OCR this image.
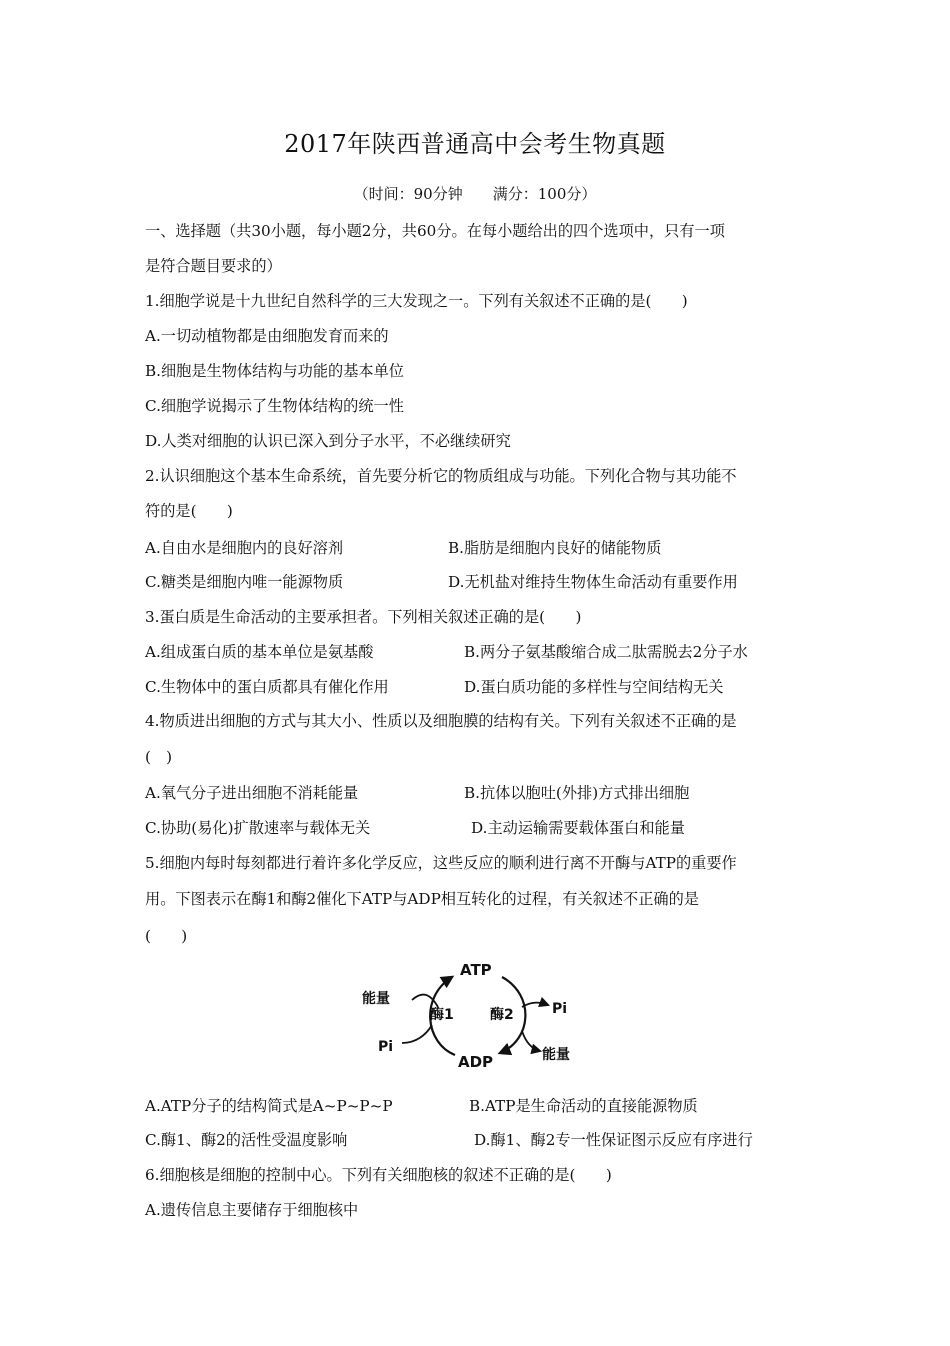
2017年陕西普通高中会考生物真题
（时间：90分钟　　满分：100分）
一、选择题（共30小题，每小题2分，共60分。在每小题给出的四个选项中，只有一项
是符合题目要求的）
1.细胞学说是十九世纪自然科学的三大发现之一。下列有关叙述不正确的是(　　)
A.一切动植物都是由细胞发育而来的
B.细胞是生物体结构与功能的基本单位
C.细胞学说揭示了生物体结构的统一性
D.人类对细胞的认识已深入到分子水平，不必继续研究
2.认识细胞这个基本生命系统，首先要分析它的物质组成与功能。下列化合物与其功能不
符的是(　　)
A.自由水是细胞内的良好溶剂	B.脂肪是细胞内良好的储能物质
C.糖类是细胞内唯一能源物质	D.无机盐对维持生物体生命活动有重要作用
3.蛋白质是生命活动的主要承担者。下列相关叙述正确的是(　　)
A.组成蛋白质的基本单位是氨基酸	B.两分子氨基酸缩合成二肽需脱去2分子水
C.生物体中的蛋白质都具有催化作用	D.蛋白质功能的多样性与空间结构无关
4.物质进出细胞的方式与其大小、性质以及细胞膜的结构有关。下列有关叙述不正确的是
(　)
A.氧气分子进出细胞不消耗能量	B.抗体以胞吐(外排)方式排出细胞
C.协助(易化)扩散速率与载体无关	D.主动运输需要载体蛋白和能量
5.细胞内每时每刻都进行着许多化学反应，这些反应的顺利进行离不开酶与ATP的重要作
用。下图表示在酶1和酶2催化下ATP与ADP相互转化的过程，有关叙述不正确的是
(　　)
ATP
ADP
酶1	酶2
能量
Pi
Pi
能量
A.ATP分子的结构简式是A~P~P~P	B.ATP是生命活动的直接能源物质
C.酶1、酶2的活性受温度影响	D.酶1、酶2专一性保证图示反应有序进行
6.细胞核是细胞的控制中心。下列有关细胞核的叙述不正确的是(　　)
A.遗传信息主要储存于细胞核中
